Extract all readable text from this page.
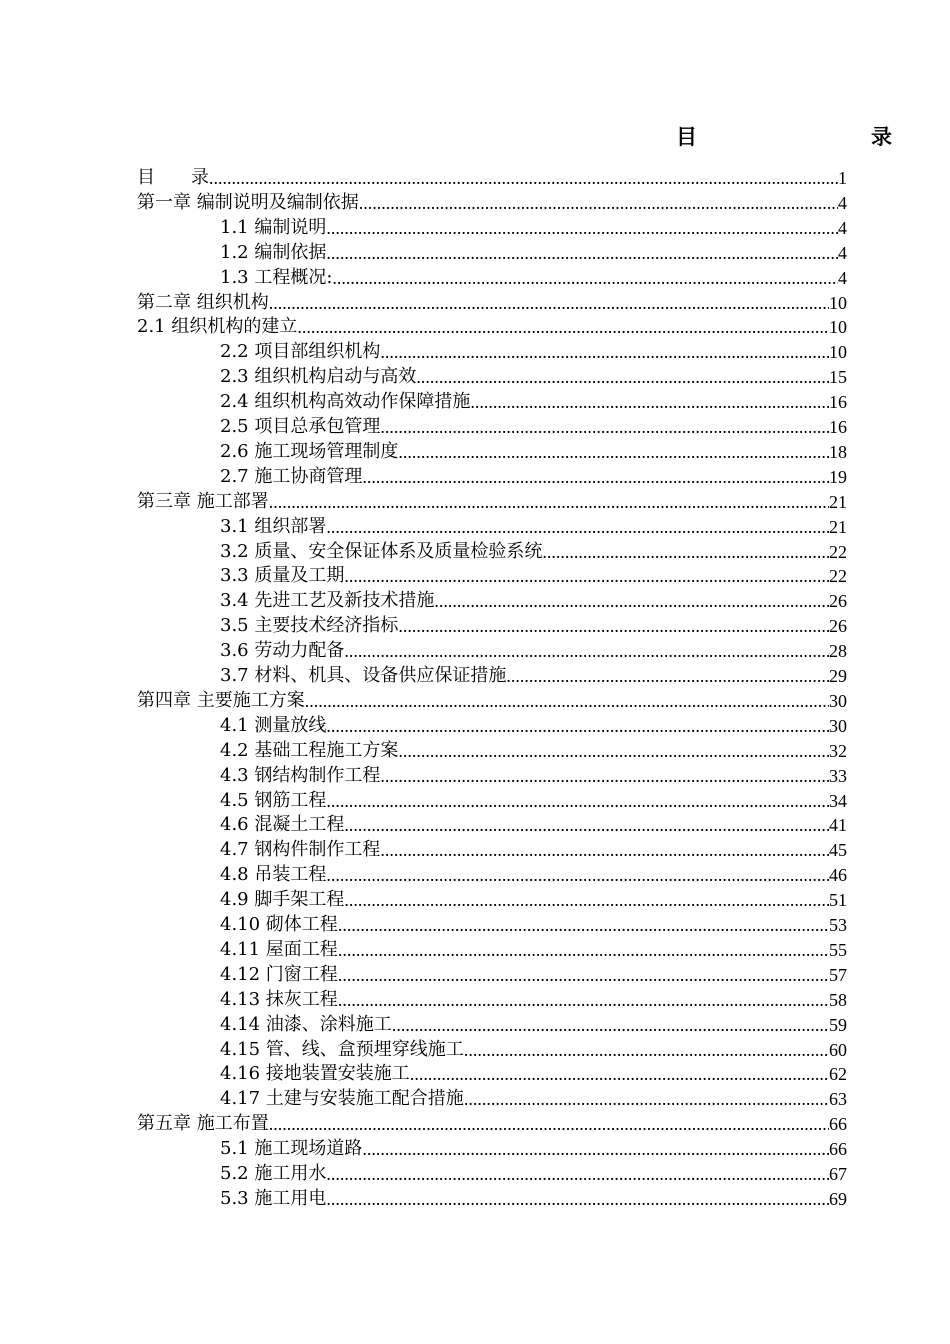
目　　录
目　　录 .....	1
第一章 编制说明及编制依据 .....	4
1.1 编制说明 .....	4
1.2 编制依据 .....	4
1.3 工程概况: .....	4
第二章 组织机构 .....	10
2.1 组织机构的建立 .....	10
2.2 项目部组织机构 .....	10
2.3 组织机构启动与高效 .....	15
2.4 组织机构高效动作保障措施 .....	16
2.5 项目总承包管理 .....	16
2.6 施工现场管理制度 .....	18
2.7 施工协商管理 .....	19
第三章 施工部署 .....	21
3.1 组织部署 .....	21
3.2 质量、安全保证体系及质量检验系统 .....	22
3.3 质量及工期 .....	22
3.4 先进工艺及新技术措施 .....	26
3.5 主要技术经济指标 .....	26
3.6 劳动力配备 .....	28
3.7 材料、机具、设备供应保证措施 .....	29
第四章 主要施工方案 .....	30
4.1 测量放线 .....	30
4.2 基础工程施工方案 .....	32
4.3 钢结构制作工程 .....	33
4.5 钢筋工程 .....	34
4.6 混凝土工程 .....	41
4.7 钢构件制作工程 .....	45
4.8 吊装工程 .....	46
4.9 脚手架工程 .....	51
4.10 砌体工程 .....	53
4.11 屋面工程 .....	55
4.12 门窗工程 .....	57
4.13 抹灰工程 .....	58
4.14 油漆、涂料施工 .....	59
4.15 管、线、盒预埋穿线施工 .....	60
4.16 接地装置安装施工 .....	62
4.17 土建与安装施工配合措施 .....	63
第五章 施工布置 .....	66
5.1 施工现场道路 .....	66
5.2 施工用水 .....	67
5.3 施工用电 .....	69
